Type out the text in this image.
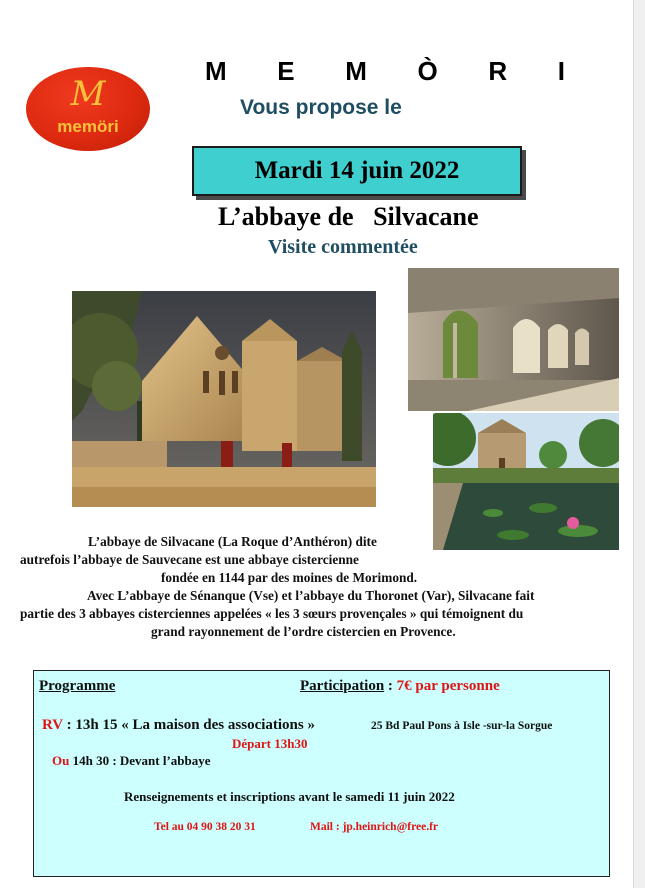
M
memöri
M E M Ò R I
Vous propose le
Mardi 14 juin 2022
L’abbaye de   Silvacane
Visite commentée
L’abbaye de Silvacane (La Roque d’Anthéron) dite
autrefois l’abbaye de Sauvecane est une abbaye cistercienne
fondée en 1144 par des moines de Morimond.
Avec L’abbaye de Sénanque (Vse) et l’abbaye du Thoronet (Var), Silvacane fait
partie des 3 abbayes cisterciennes appelées « les 3 sœurs provençales » qui témoignent du
grand rayonnement de l’ordre cistercien en Provence.
Programme	Participation : 7€ par personne
RV : 13h 15 « La maison des associations »	25 Bd Paul Pons à Isle -sur-la Sorgue
Départ 13h30
Ou 14h 30 : Devant l’abbaye
Renseignements et inscriptions avant le samedi 11 juin 2022
Tel au 04 90 38 20 31	Mail : jp.heinrich@free.fr
